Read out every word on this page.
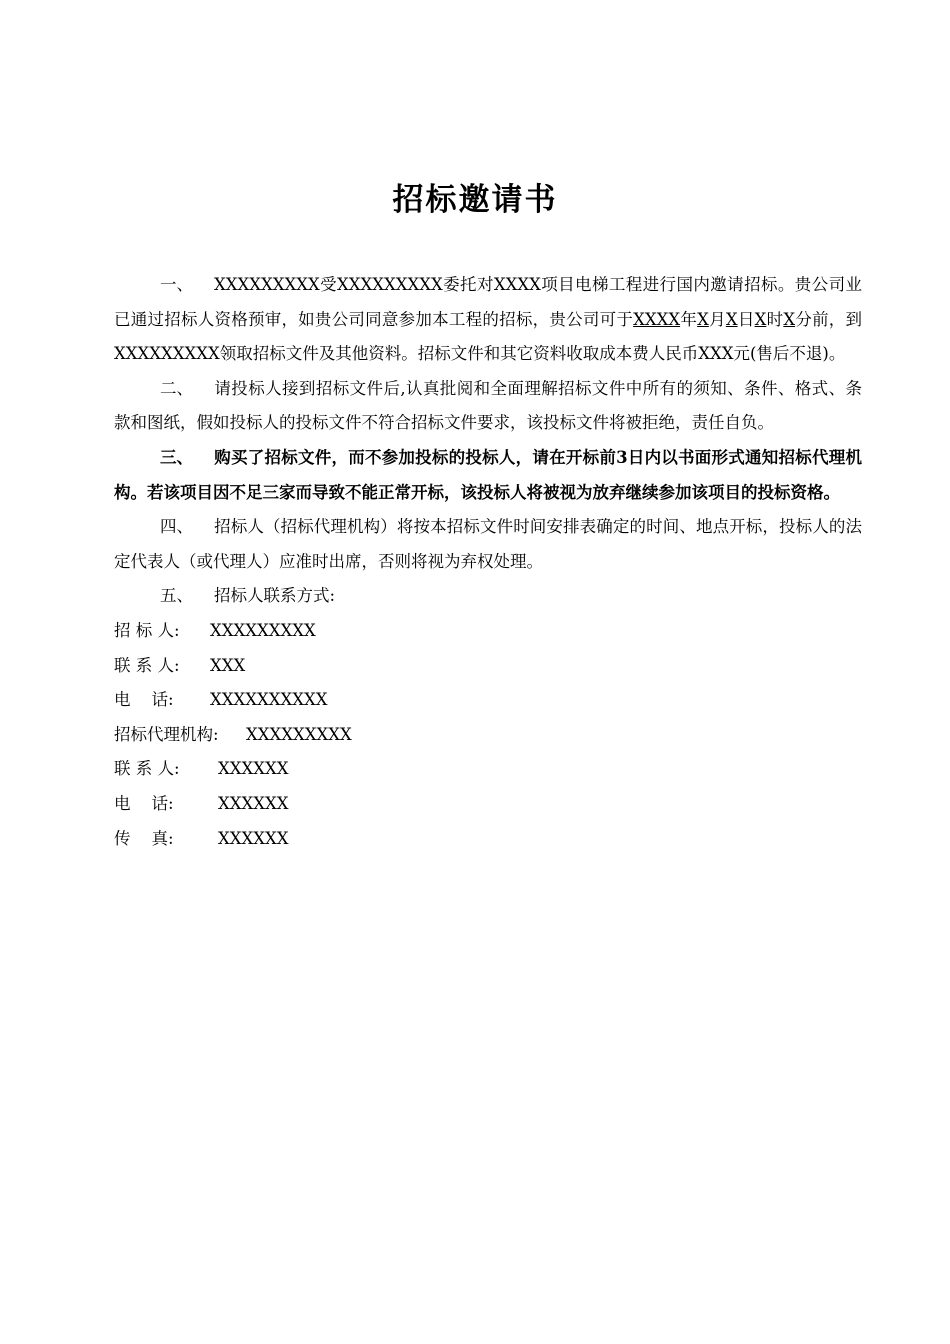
招标邀请书

一、 XXXXXXXXX受XXXXXXXXX委托对XXXX项目电梯工程进行国内邀请招标。贵公司业已通过招标人资格预审，如贵公司同意参加本工程的招标，贵公司可于XXXX年X月X日X时X分前，到XXXXXXXXX领取招标文件及其他资料。招标文件和其它资料收取成本费人民币XXX元(售后不退)。

二、 请投标人接到招标文件后,认真批阅和全面理解招标文件中所有的须知、条件、格式、条款和图纸，假如投标人的投标文件不符合招标文件要求，该投标文件将被拒绝，责任自负。

三、 购买了招标文件，而不参加投标的投标人，请在开标前3日内以书面形式通知招标代理机构。若该项目因不足三家而导致不能正常开标，该投标人将被视为放弃继续参加该项目的投标资格。

四、 招标人（招标代理机构）将按本招标文件时间安排表确定的时间、地点开标，投标人的法定代表人（或代理人）应准时出席，否则将视为弃权处理。

五、 招标人联系方式:

招 标 人: XXXXXXXXX
联 系 人: XXX
电    话: XXXXXXXXXX
招标代理机构: XXXXXXXXX
联 系 人: XXXXXX
电    话:	XXXXXX
传    真:	XXXXXX
